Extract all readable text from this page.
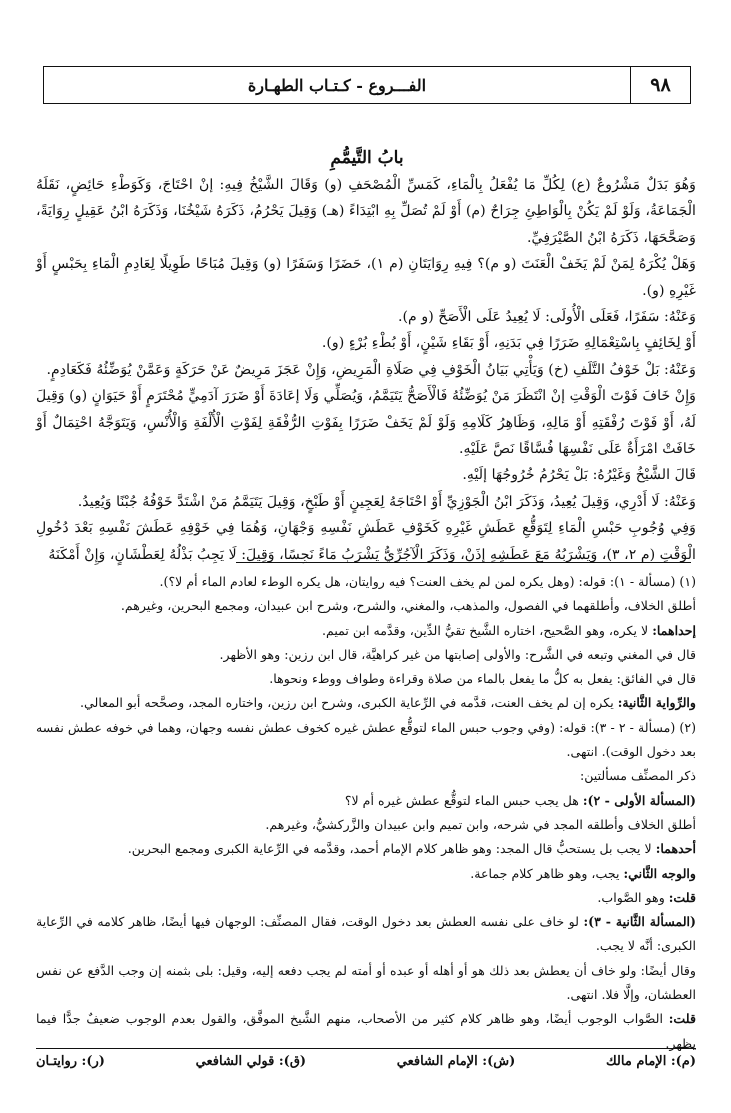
٩٨
الفـــروع - كـتـاب الطهـارة
بابُ التَّيمُّمِ

وَهُوَ بَدَلٌ مَشْرُوعٌ (ع) لِكُلِّ مَا يُفْعَلُ بِالْمَاءِ، كَمَسِّ الْمُصْحَفِ (و) وَقَالَ الشَّيْخُ فِيهِ: إنْ احْتَاجَ، وَكَوَطْءِ حَائِضٍ، نَقَلَهُ الْجَمَاعَةُ، وَلَوْ لَمْ يَكُنْ بِالْوَاطِئِ جِرَاحٌ (م) أَوْ لَمْ تُصَلِّ بِهِ ابْتِدَاءً (هـ) وَقِيلَ يَحْرُمُ، ذَكَرَهُ شَيْخُنَا، وَذَكَرَهُ ابْنُ عَقِيلٍ رِوَايَةً، وَصَحَّحَهَا، ذَكَرَهُ ابْنُ الصَّيْرَفِيِّ.

وَهَلْ يُكْرَهُ لِمَنْ لَمْ يَخَفْ الْعَنَتَ (و م)؟ فِيهِ رِوَايَتَانِ (م ١)، حَضَرًا وَسَفَرًا (و) وَقِيلَ مُبَاحًا طَوِيلًا لِعَادِمِ الْمَاءِ بِحَبْسٍ أَوْ غَيْرِهِ (و).

وَعَنْهُ: سَفَرًا، فَعَلَى الْأُولَى: لَا يُعِيدُ عَلَى الْأَصَحِّ (و م).

أَوْ لِخَائِفٍ بِاسْتِعْمَالِهِ ضَرَرًا فِي بَدَنِهِ، أَوْ بَقَاءِ شَيْنٍ، أَوْ بُطْءِ بُرْءٍ (و).

وَعَنْهُ: بَلْ خَوْفُ التَّلَفِ (خ) وَيَأْتِي بَيَانُ الْخَوْفِ فِي صَلَاةِ الْمَرِيضِ، وَإِنْ عَجَزَ مَرِيضٌ عَنْ حَرَكَةٍ وَعَمَّنْ يُوَضِّئُهُ فَكَعَادِمٍ.

وَإِنْ خَافَ فَوْتَ الْوَقْتِ إنْ انْتَظَرَ مَنْ يُوَضِّئُهُ فَالْأَصَحُّ يَتَيَمَّمُ، وَيُصَلِّي وَلَا إعَادَةَ أَوْ ضَرَرَ آدَمِيٍّ مُحْتَرَمٍ أَوْ حَيَوَانٍ (و) وَقِيلَ لَهُ، أَوْ فَوْتَ رُفْقَتِهِ أَوْ مَالِهِ، وَظَاهِرُ كَلَامِهِ وَلَوْ لَمْ يَخَفْ ضَرَرًا بِفَوْتِ الرُّفْقَةِ لِفَوْتِ الْأُلْفَةِ وَالْأُنْسِ، وَيَتَوَجَّهُ احْتِمَالٌ أَوْ خَافَتْ امْرَأَةٌ عَلَى نَفْسِهَا فُسَّاقًا نَصَّ عَلَيْهِ.

قَالَ الشَّيْخُ وَغَيْرُهُ: بَلْ يَحْرُمُ خُرُوجُهَا إلَيْهِ.

وَعَنْهُ: لَا أَدْرِي، وَقِيلَ يُعِيدُ، وَذَكَرَ ابْنُ الْجَوْزِيِّ أَوْ احْتَاجَهُ لِعَجِينٍ أَوْ طَبْخٍ، وَقِيلَ يَتَيَمَّمُ مَنْ اشْتَدَّ خَوْفُهُ جُبْنًا وَيُعِيدُ.

وَفِي وُجُوبِ حَبْسِ الْمَاءِ لِتَوَقُّعِ عَطَشِ غَيْرِهِ كَخَوْفِ عَطَشِ نَفْسِهِ وَجْهَانِ، وَهُمَا فِي خَوْفِهِ عَطَشَ نَفْسِهِ بَعْدَ دُخُولِ الْوَقْتِ (م ٢، ٣)، وَيَشْرَبُهُ مَعَ عَطَشِهِ إذَنْ، وَذَكَرَ الْآجُرِّيُّ يَشْرَبُ مَاءً نَجِسًا، وَقِيلَ: لَا يَجِبُ بَذْلُهُ لِعَطْشَانٍ، وَإِنْ أَمْكَنَهُ

(١) (مسألة - ١): قوله: (وهل يكره لمن لم يخف العنت؟ فيه روايتان، هل يكره الوطء لعادم الماء أم لا؟).

أطلق الخلاف، وأطلقهما في الفصول، والمذهب، والمغني، والشرح، وشرح ابن عبيدان، ومجمع البحرين، وغيرهم.

إحداهما: لا يكره، وهو الصَّحيح، اختاره الشَّيخ تقيُّ الدِّين، وقدَّمه ابن تميم.

قال في المغني وتبعه في الشَّرح: والأولى إصابتها من غير كراهيَّة، قال ابن رزين: وهو الأظهر.

قال في الفائق: يفعل به كلُّ ما يفعل بالماء من صلاة وقراءة وطواف ووطء ونحوها.

والرِّواية الثَّانية: يكره إن لم يخف العنت، قدَّمه في الرِّعاية الكبرى، وشرح ابن رزين، واختاره المجد، وصحَّحه أبو المعالي.

(٢) (مسألة - ٢ - ٣): قوله: (وفي وجوب حبس الماء لتوقُّع عطش غيره كخوف عطش نفسه وجهان، وهما في خوفه عطش نفسه بعد دخول الوقت). انتهى.

ذكر المصنِّف مسألتين:

(المسألة الأولى - ٢): هل يجب حبس الماء لتوقُّع عطش غيره أم لا؟

أطلق الخلاف وأطلقه المجد في شرحه، وابن تميم وابن عبيدان والزَّركشيُّ، وغيرهم.

أحدهما: لا يجب بل يستحبُّ قال المجد: وهو ظاهر كلام الإمام أحمد، وقدَّمه في الرِّعاية الكبرى ومجمع البحرين.

والوجه الثَّاني: يجب، وهو ظاهر كلام جماعة.

قلت: وهو الصَّواب.

(المسألة الثَّانية - ٣): لو خاف على نفسه العطش بعد دخول الوقت، فقال المصنِّف: الوجهان فيها أيضًا، ظاهر كلامه في الرِّعاية الكبرى: أنَّه لا يجب.

وقال أيضًا: ولو خاف أن يعطش بعد ذلك هو أو أهله أو عبده أو أمته لم يجب دفعه إليه، وقيل: بلى بثمنه إن وجب الدَّفع عن نفس العطشان، وإلَّا فلا. انتهى.

قلت: الصَّواب الوجوب أيضًا، وهو ظاهر كلام كثير من الأصحاب، منهم الشَّيخ الموفَّق، والقول بعدم الوجوب ضعيفٌ جدًّا فيما يظهر.

(م): الإمام مالك
(ش): الإمام الشافعي
(ق): قولي الشافعي
(ر): روايتـان
